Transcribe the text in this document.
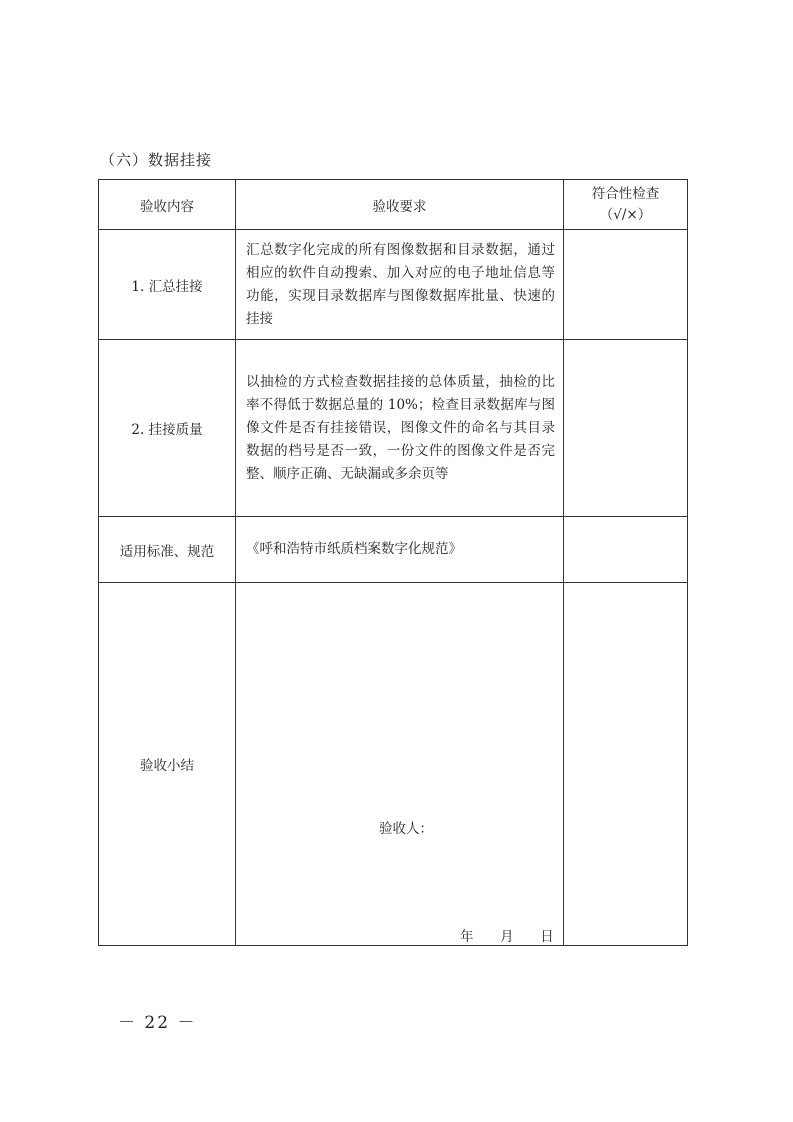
（六）数据挂接
验收内容	验收要求	符合性检查
（√/×）

1. 汇总挂接	汇总数字化完成的所有图像数据和目录数据，通过相应的软件自动搜索、加入对应的电子地址信息等功能，实现目录数据库与图像数据库批量、快速的挂接	
2. 挂接质量	以抽检的方式检查数据挂接的总体质量，抽检的比率不得低于数据总量的 10%；检查目录数据库与图像文件是否有挂接错误，图像文件的命名与其目录数据的档号是否一致，一份文件的图像文件是否完整、顺序正确、无缺漏或多余页等	
适用标准、规范	《呼和浩特市纸质档案数字化规范》	
验收小结	验收人：
年 月 日	

－ 22 －
